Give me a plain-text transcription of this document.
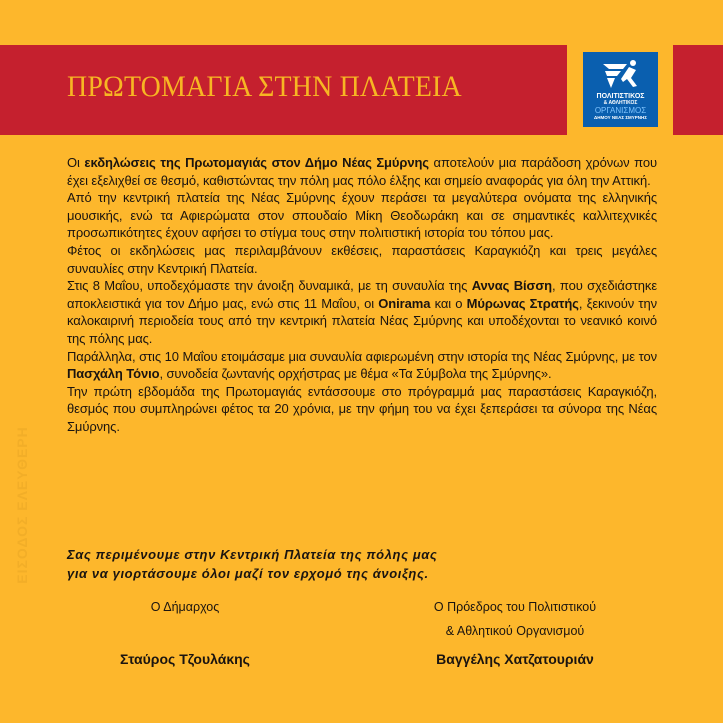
ΠΡΩΤΟΜΑΓΙΑ ΣΤΗΝ ΠΛΑΤΕΙΑ	ΠΟΛΙΤΙΣΤΙΚΟΣ
& ΑΘΛΗΤΙΚΟΣ
ΟΡΓΑΝΙΣΜΟΣ
ΔΗΜΟΥ ΝΕΑΣ ΣΜΥΡΝΗΣ

Οι εκδηλώσεις της Πρωτομαγιάς στον Δήμο Νέας Σμύρνης αποτελούν μια παράδοση χρόνων που έχει εξελιχθεί σε θεσμό, καθιστώντας την πόλη μας πόλο έλξης και σημείο αναφοράς για όλη την Αττική.

Από την κεντρική πλατεία της Νέας Σμύρνης έχουν περάσει τα μεγαλύτερα ονόματα της ελληνικής μουσικής, ενώ τα Αφιερώματα στον σπουδαίο Μίκη Θεοδωράκη και σε σημαντικές καλλιτεχνικές προσωπικότητες έχουν αφήσει το στίγμα τους στην πολιτιστική ιστορία του τόπου μας.

Φέτος οι εκδηλώσεις μας περιλαμβάνουν εκθέσεις, παραστάσεις Καραγκιόζη και τρεις μεγάλες συναυλίες στην Κεντρική Πλατεία.

Στις 8 Μαΐου, υποδεχόμαστε την άνοιξη δυναμικά, με τη συναυλία της Αννας Βίσση, που σχεδιάστηκε αποκλειστικά για τον Δήμο μας, ενώ στις 11 Μαΐου, οι Onirama και ο Μύρωνας Στρατής, ξεκινούν την καλοκαιρινή περιοδεία τους από την κεντρική πλατεία Νέας Σμύρνης και υποδέχονται το νεανικό κοινό της πόλης μας.

Παράλληλα, στις 10 Μαΐου ετοιμάσαμε μια συναυλία αφιερωμένη στην ιστορία της Νέας Σμύρνης, με τον Πασχάλη Τόνιο, συνοδεία ζωντανής ορχήστρας με θέμα «Τα Σύμβολα της Σμύρνης».

Την πρώτη εβδομάδα της Πρωτομαγιάς εντάσσουμε στο πρόγραμμά μας παραστάσεις Καραγκιόζη, θεσμός που συμπληρώνει φέτος τα 20 χρόνια, με την φήμη του να έχει ξεπεράσει τα σύνορα της Νέας Σμύρνης.

Σας περιμένουμε στην Κεντρική Πλατεία της πόλης μας
για να γιορτάσουμε όλοι μαζί τον ερχομό της άνοιξης.
Ο Δήμαρχος
Σταύρος Τζουλάκης
Ο Πρόεδρος του Πολιτιστικού
& Αθλητικού Οργανισμού
Βαγγέλης Χατζατουριάν
ΕΙΣΟΔΟΣ ΕΛΕΥΘΕΡΗ
